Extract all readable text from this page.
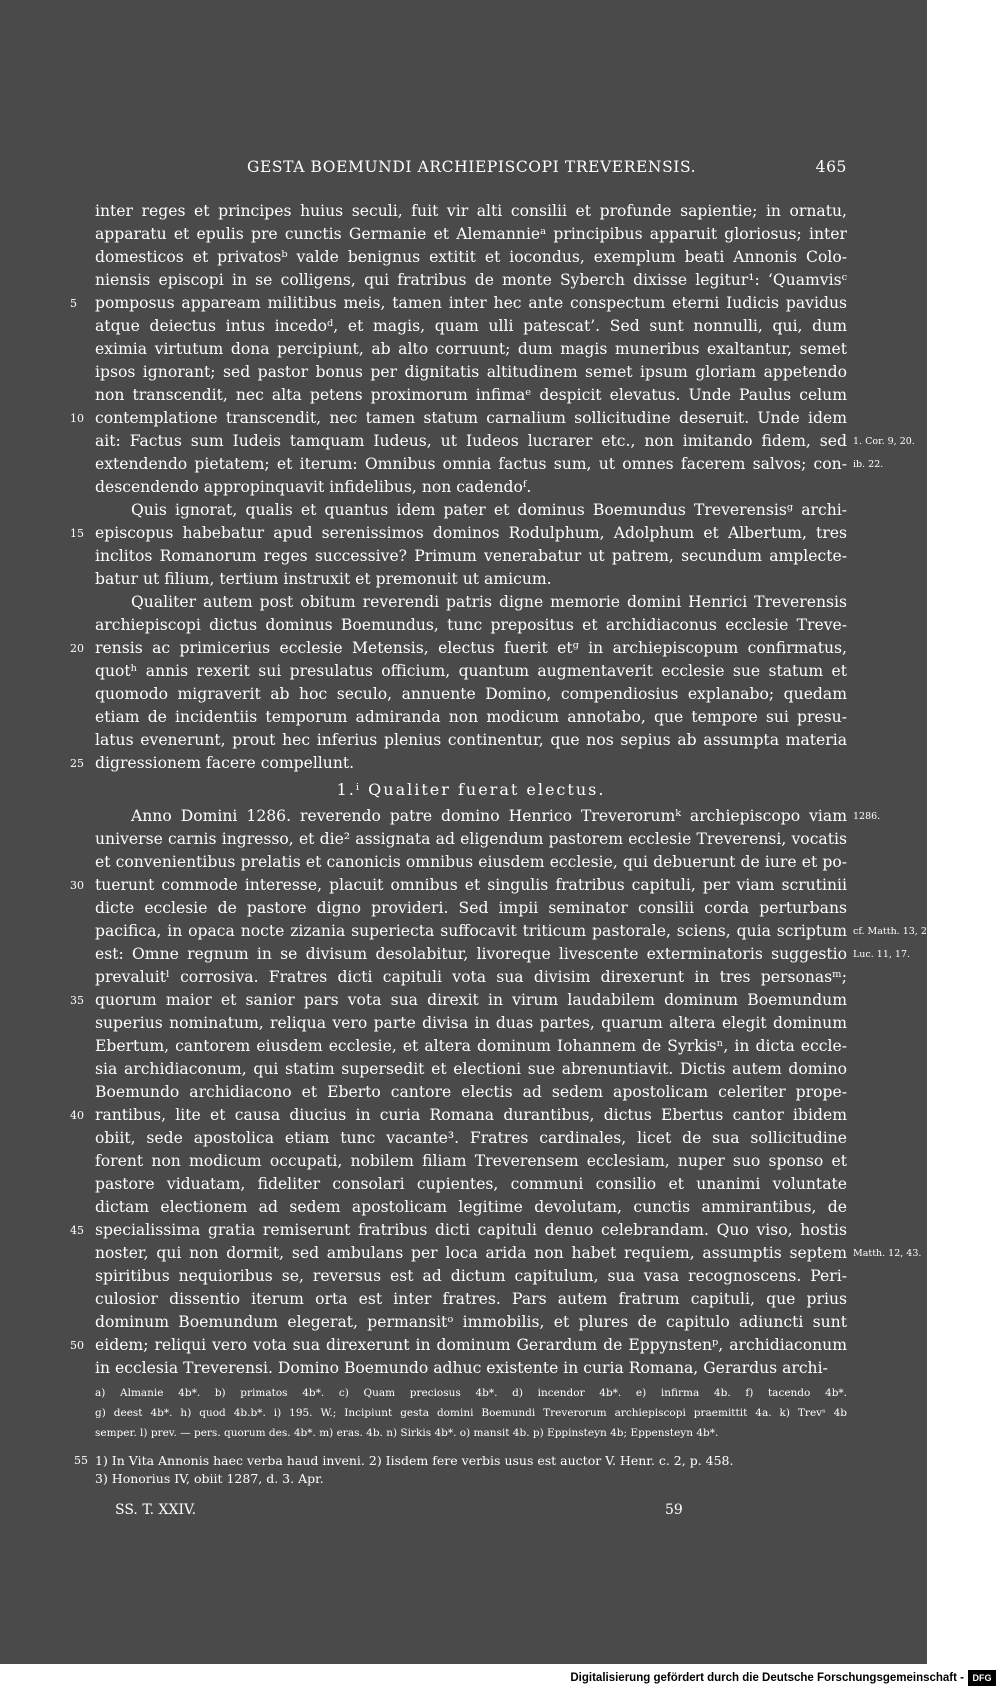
GESTA BOEMUNDI ARCHIEPISCOPI TREVERENSIS.	465
inter reges et principes huius seculi, fuit vir alti consilii et profunde sapientie; in ornatu,
apparatu et epulis pre cunctis Germanie et Alemannieᵃ principibus apparuit gloriosus; inter
domesticos et privatosᵇ valde benignus extitit et iocondus, exemplum beati Annonis Colo-
niensis episcopi in se colligens, qui fratribus de monte Syberch dixisse legitur¹: ‘Quamvisᶜ
pomposus appaream militibus meis, tamen inter hec ante conspectum eterni Iudicis pavidus
5
atque deiectus intus incedoᵈ, et magis, quam ulli patescat’. Sed sunt nonnulli, qui, dum
eximia virtutum dona percipiunt, ab alto corruunt; dum magis muneribus exaltantur, semet
ipsos ignorant; sed pastor bonus per dignitatis altitudinem semet ipsum gloriam appetendo
non transcendit, nec alta petens proximorum infimaᵉ despicit elevatus. Unde Paulus celum
contemplatione transcendit, nec tamen statum carnalium sollicitudine deseruit. Unde idem
10
ait: Factus sum Iudeis tamquam Iudeus, ut Iudeos lucrarer etc., non imitando fidem, sed 1. Cor. 9, 20.
extendendo pietatem; et iterum: Omnibus omnia factus sum, ut omnes facerem salvos; con- ib. 22.
descendendo appropinquavit infidelibus, non cadendoᶠ.
Quis ignorat, qualis et quantus idem pater et dominus Boemundus Treverensisᵍ archi-
episcopus habebatur apud serenissimos dominos Rodulphum, Adolphum et Albertum, tres
15
inclitos Romanorum reges successive? Primum venerabatur ut patrem, secundum amplecte-
batur ut filium, tertium instruxit et premonuit ut amicum.
Qualiter autem post obitum reverendi patris digne memorie domini Henrici Treverensis
archiepiscopi dictus dominus Boemundus, tunc prepositus et archidiaconus ecclesie Treve-
rensis ac primicerius ecclesie Metensis, electus fuerit etᵍ in archiepiscopum confirmatus,
20
quotʰ annis rexerit sui presulatus officium, quantum augmentaverit ecclesie sue statum et
quomodo migraverit ab hoc seculo, annuente Domino, compendiosius explanabo; quedam
etiam de incidentiis temporum admiranda non modicum annotabo, que tempore sui presu-
latus evenerunt, prout hec inferius plenius continentur, que nos sepius ab assumpta materia
digressionem facere compellunt.
25
1.ⁱ Qualiter fuerat electus.
Anno Domini 1286. reverendo patre domino Henrico Treverorumᵏ archiepiscopo viam 1286.
universe carnis ingresso, et die² assignata ad eligendum pastorem ecclesie Treverensi, vocatis
et convenientibus prelatis et canonicis omnibus eiusdem ecclesie, qui debuerunt de iure et po-
tuerunt commode interesse, placuit omnibus et singulis fratribus capituli, per viam scrutinii
30
dicte ecclesie de pastore digno provideri. Sed impii seminator consilii corda perturbans
pacifica, in opaca nocte zizania superiecta suffocavit triticum pastorale, sciens, quia scriptum cf. Matth. 13, 25.
est: Omne regnum in se divisum desolabitur, livoreque livescente exterminatoris suggestio Luc. 11, 17.
prevaluitˡ corrosiva. Fratres dicti capituli vota sua divisim direxerunt in tres personasᵐ;
quorum maior et sanior pars vota sua direxit in virum laudabilem dominum Boemundum
35
superius nominatum, reliqua vero parte divisa in duas partes, quarum altera elegit dominum
Ebertum, cantorem eiusdem ecclesie, et altera dominum Iohannem de Syrkisⁿ, in dicta eccle-
sia archidiaconum, qui statim supersedit et electioni sue abrenuntiavit. Dictis autem domino
Boemundo archidiacono et Eberto cantore electis ad sedem apostolicam celeriter prope-
rantibus, lite et causa diucius in curia Romana durantibus, dictus Ebertus cantor ibidem
40
obiit, sede apostolica etiam tunc vacante³. Fratres cardinales, licet de sua sollicitudine
forent non modicum occupati, nobilem filiam Treverensem ecclesiam, nuper suo sponso et
pastore viduatam, fideliter consolari cupientes, communi consilio et unanimi voluntate
dictam electionem ad sedem apostolicam legitime devolutam, cunctis ammirantibus, de
specialissima gratia remiserunt fratribus dicti capituli denuo celebrandam. Quo viso, hostis
45
noster, qui non dormit, sed ambulans per loca arida non habet requiem, assumptis septem Matth. 12, 43.
spiritibus nequioribus se, reversus est ad dictum capitulum, sua vasa recognoscens. Peri-
culosior dissentio iterum orta est inter fratres. Pars autem fratrum capituli, que prius
dominum Boemundum elegerat, permansitᵒ immobilis, et plures de capitulo adiuncti sunt
eidem; reliqui vero vota sua direxerunt in dominum Gerardum de Eppynstenᵖ, archidiaconum
50
in ecclesia Treverensi. Domino Boemundo adhuc existente in curia Romana, Gerardus archi-
a) Almanie 4b*. b) primatos 4b*. c) Quam preciosus 4b*. d) incendor 4b*. e) infirma 4b. f) tacendo 4b*.
g) deest 4b*. h) quod 4b.b*. i) 195. W.; Incipiunt gesta domini Boemundi Treverorum archiepiscopi praemittit 4a. k) Trevˢ 4b
semper. l) prev. — pers. quorum des. 4b*. m) eras. 4b. n) Sirkis 4b*. o) mansit 4b. p) Eppinsteyn 4b; Eppensteyn 4b*.
1) In Vita Annonis haec verba haud inveni. 2) Iisdem fere verbis usus est auctor V. Henr. c. 2, p. 458.
55
3) Honorius IV, obiit 1287, d. 3. Apr.
SS. T. XXIV.	59
Digitalisierung gefördert durch die Deutsche Forschungsgemeinschaft - DFG
